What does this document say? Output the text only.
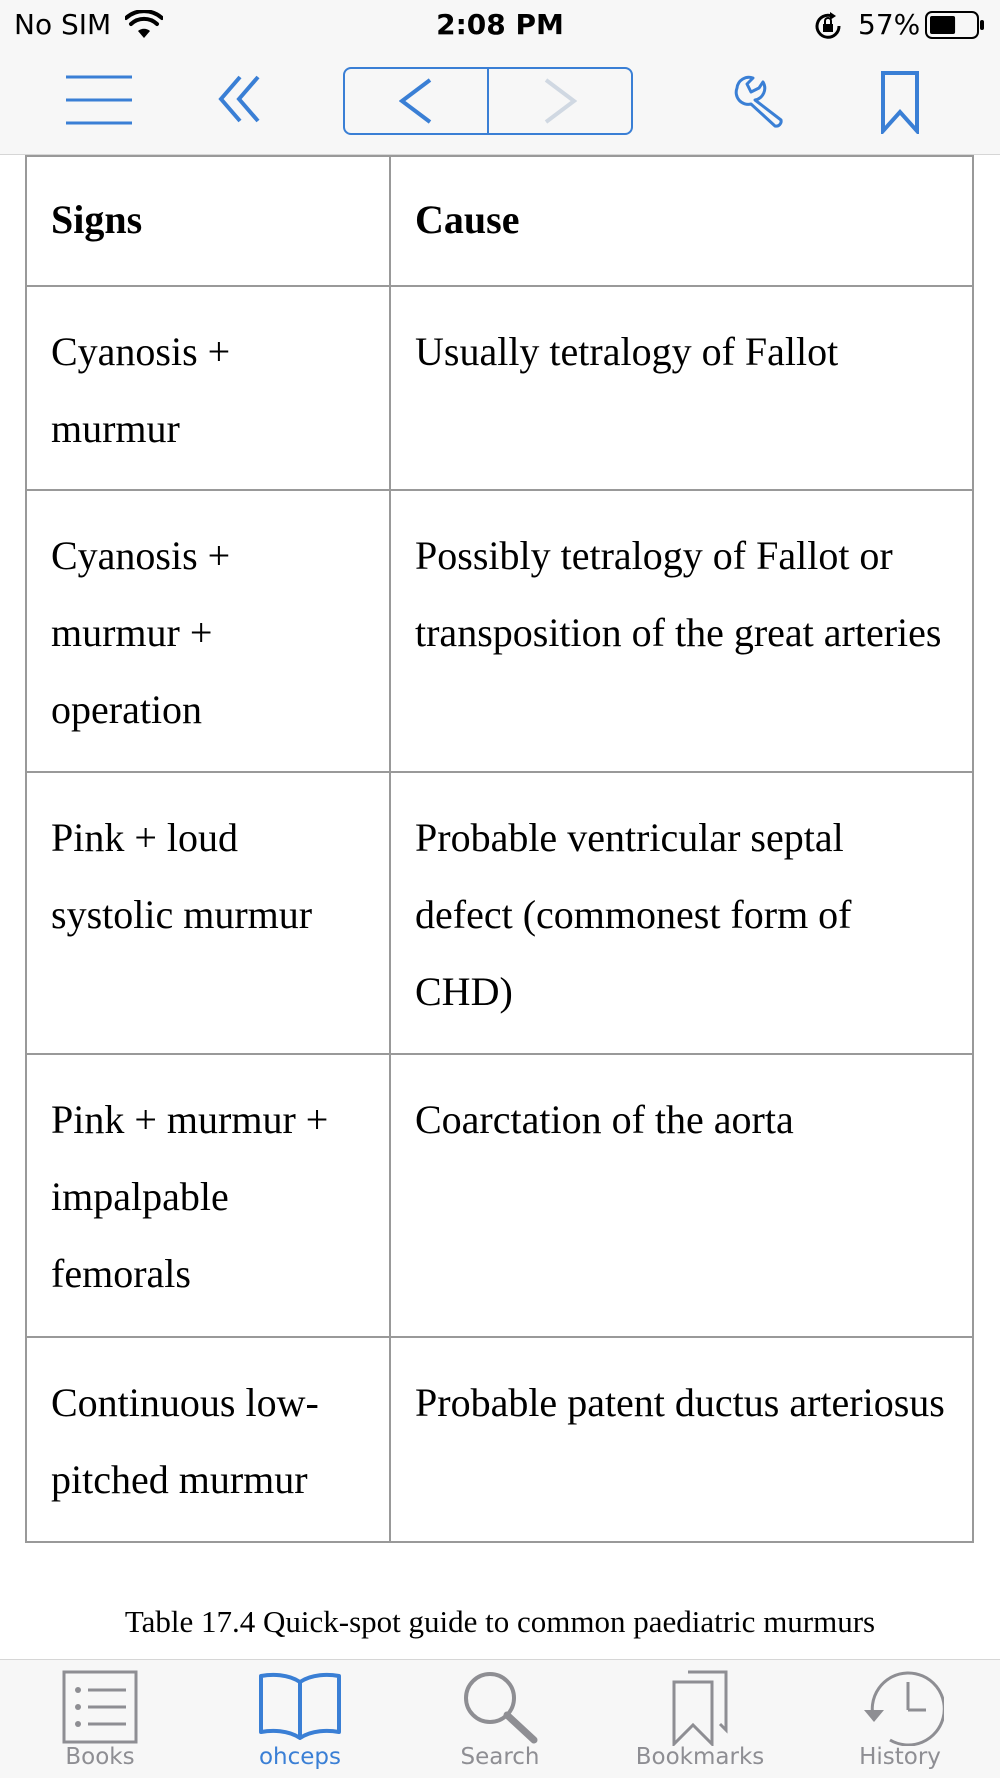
No SIM	2:08 PM	57%
Signs	Cause
Cyanosis + murmur	Usually tetralogy of Fallot
Cyanosis + murmur + operation	Possibly tetralogy of Fallot or transposition of the great arteries
Pink + loud systolic murmur	Probable ventricular septal defect (commonest form of CHD)
Pink + murmur + impalpable femorals	Coarctation of the aorta
Continuous low-pitched murmur	Probable patent ductus arteriosus
Table 17.4 Quick-spot guide to common paediatric murmurs
Books	ohceps	Search	Bookmarks	History
